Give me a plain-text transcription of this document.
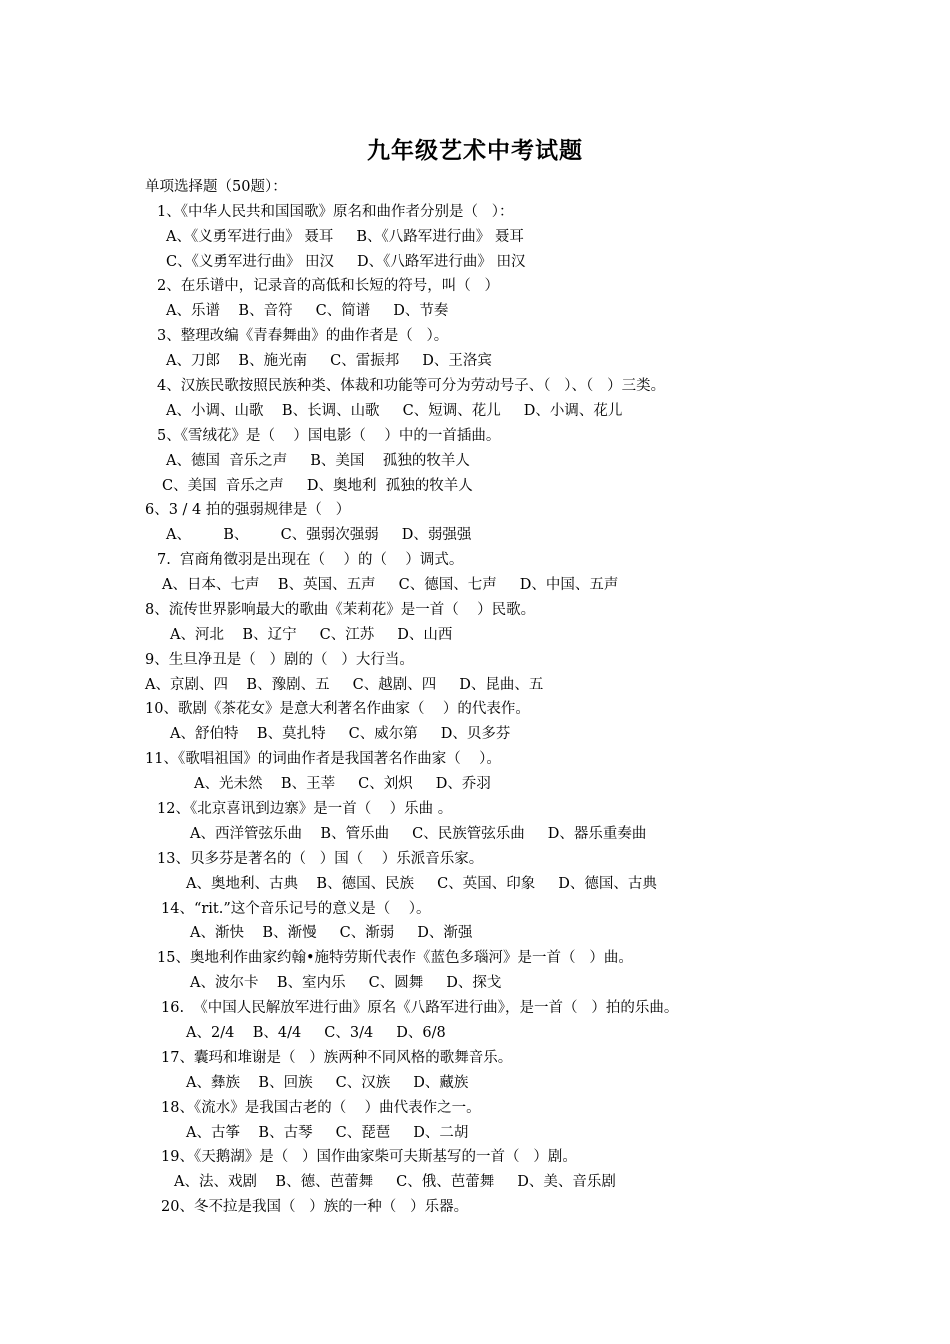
九年级艺术中考试题
单项选择题（50题）：
1、《中华人民共和国国歌》原名和曲作者分别是（   ）：
A、《义勇军进行曲》 聂耳     B、《八路军进行曲》 聂耳
C、《义勇军进行曲》 田汉     D、《八路军进行曲》 田汉
2、在乐谱中，记录音的高低和长短的符号，叫（   ）
A、乐谱    B、音符     C、简谱     D、节奏
3、整理改编《青春舞曲》的曲作者是（   ）。
A、刀郎    B、施光南     C、雷振邦     D、王洛宾
4、汉族民歌按照民族种类、体裁和功能等可分为劳动号子、（   ）、（   ）三类。
A、小调、山歌    B、长调、山歌     C、短调、花儿     D、小调、花儿
5、《雪绒花》是（    ）国电影（    ）中的一首插曲。
A、德国  音乐之声     B、美国    孤独的牧羊人
C、美国  音乐之声     D、奥地利  孤独的牧羊人
6、3 / 4 拍的强弱规律是（   ）
A、       B、       C、强弱次强弱     D、弱强强
7.  宫商角徵羽是出现在（    ）的（    ）调式。
A、日本、七声    B、英国、五声     C、德国、七声     D、中国、五声
8、流传世界影响最大的歌曲《茉莉花》是一首（    ）民歌。
A、河北    B、辽宁     C、江苏     D、山西
9、生旦净丑是（   ）剧的（   ）大行当。
A、京剧、四    B、豫剧、五     C、越剧、四     D、昆曲、五
10、歌剧《茶花女》是意大利著名作曲家（    ）的代表作。
A、舒伯特    B、莫扎特     C、威尔第     D、贝多芬
11、《歌唱祖国》的词曲作者是我国著名作曲家（    ）。
A、光未然    B、王莘     C、刘炽     D、乔羽
12、《北京喜讯到边寨》是一首（    ）乐曲 。
A、西洋管弦乐曲    B、管乐曲     C、民族管弦乐曲     D、器乐重奏曲
13、贝多芬是著名的（   ）国（    ）乐派音乐家。
A、奥地利、古典    B、德国、民族     C、英国、印象     D、德国、古典
14、“rit.”这个音乐记号的意义是（    ）。
A、渐快    B、渐慢     C、渐弱     D、渐强
15、奥地利作曲家约翰•施特劳斯代表作《蓝色多瑙河》是一首（   ）曲。
A、波尔卡    B、室内乐     C、圆舞     D、探戈
16.  《中国人民解放军进行曲》原名《八路军进行曲》，是一首（   ）拍的乐曲。
A、2/4    B、4/4     C、3/4     D、6/8
17、囊玛和堆谢是（   ）族两种不同风格的歌舞音乐。
A、彝族    B、回族     C、汉族     D、藏族
18、《流水》是我国古老的（    ）曲代表作之一。
A、古筝    B、古琴     C、琵琶     D、二胡
19、《天鹅湖》是（   ）国作曲家柴可夫斯基写的一首（   ）剧。
A、法、戏剧    B、德、芭蕾舞     C、俄、芭蕾舞     D、美、音乐剧
20、冬不拉是我国（   ）族的一种（   ）乐器。
